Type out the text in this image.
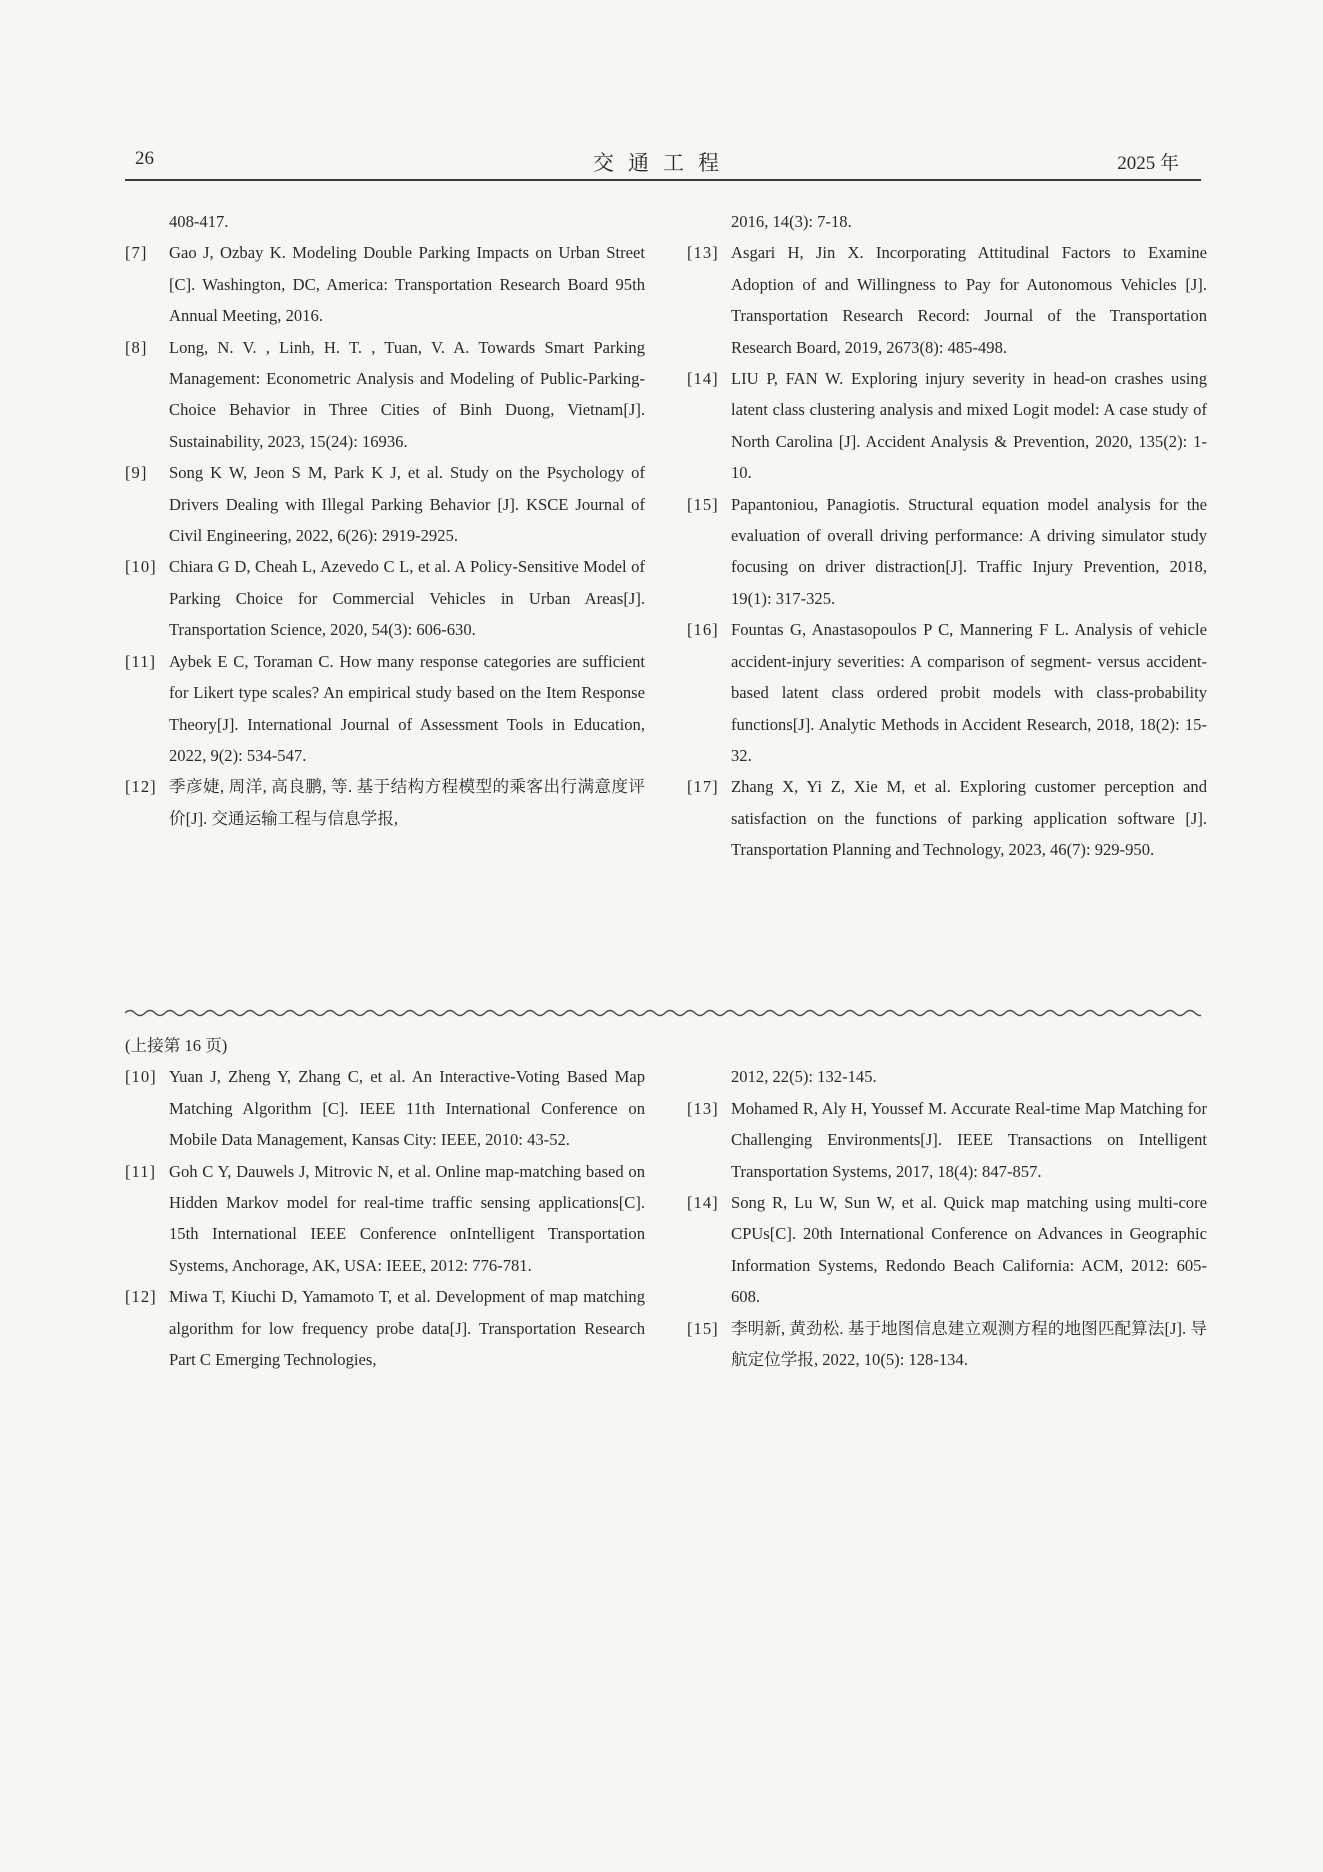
26	交通工程	2025 年
408-417.
[7] Gao J, Ozbay K. Modeling Double Parking Impacts on Urban Street [C]. Washington, DC, America: Transportation Research Board 95th Annual Meeting, 2016.
[8] Long, N. V. , Linh, H. T. , Tuan, V. A. Towards Smart Parking Management: Econometric Analysis and Modeling of Public-Parking-Choice Behavior in Three Cities of Binh Duong, Vietnam[J]. Sustainability, 2023, 15(24): 16936.
[9] Song K W, Jeon S M, Park K J, et al. Study on the Psychology of Drivers Dealing with Illegal Parking Behavior [J]. KSCE Journal of Civil Engineering, 2022, 6(26): 2919-2925.
[10] Chiara G D, Cheah L, Azevedo C L, et al. A Policy-Sensitive Model of Parking Choice for Commercial Vehicles in Urban Areas[J]. Transportation Science, 2020, 54(3): 606-630.
[11] Aybek E C, Toraman C. How many response categories are sufficient for Likert type scales? An empirical study based on the Item Response Theory[J]. International Journal of Assessment Tools in Education, 2022, 9(2): 534-547.
[12] 季彦婕, 周洋, 高良鹏, 等. 基于结构方程模型的乘客出行满意度评价[J]. 交通运输工程与信息学报,
2016, 14(3): 7-18.
[13] Asgari H, Jin X. Incorporating Attitudinal Factors to Examine Adoption of and Willingness to Pay for Autonomous Vehicles [J]. Transportation Research Record: Journal of the Transportation Research Board, 2019, 2673(8): 485-498.
[14] LIU P, FAN W. Exploring injury severity in head-on crashes using latent class clustering analysis and mixed Logit model: A case study of North Carolina [J]. Accident Analysis & Prevention, 2020, 135(2): 1-10.
[15] Papantoniou, Panagiotis. Structural equation model analysis for the evaluation of overall driving performance: A driving simulator study focusing on driver distraction[J]. Traffic Injury Prevention, 2018, 19(1): 317-325.
[16] Fountas G, Anastasopoulos P C, Mannering F L. Analysis of vehicle accident-injury severities: A comparison of segment- versus accident-based latent class ordered probit models with class-probability functions[J]. Analytic Methods in Accident Research, 2018, 18(2): 15-32.
[17] Zhang X, Yi Z, Xie M, et al. Exploring customer perception and satisfaction on the functions of parking application software [J]. Transportation Planning and Technology, 2023, 46(7): 929-950.
(上接第 16 页)
[10] Yuan J, Zheng Y, Zhang C, et al. An Interactive-Voting Based Map Matching Algorithm [C]. IEEE 11th International Conference on Mobile Data Management, Kansas City: IEEE, 2010: 43-52.
[11] Goh C Y, Dauwels J, Mitrovic N, et al. Online map-matching based on Hidden Markov model for real-time traffic sensing applications[C]. 15th International IEEE Conference onIntelligent Transportation Systems, Anchorage, AK, USA: IEEE, 2012: 776-781.
[12] Miwa T, Kiuchi D, Yamamoto T, et al. Development of map matching algorithm for low frequency probe data[J]. Transportation Research Part C Emerging Technologies,
2012, 22(5): 132-145.
[13] Mohamed R, Aly H, Youssef M. Accurate Real-time Map Matching for Challenging Environments[J]. IEEE Transactions on Intelligent Transportation Systems, 2017, 18(4): 847-857.
[14] Song R, Lu W, Sun W, et al. Quick map matching using multi-core CPUs[C]. 20th International Conference on Advances in Geographic Information Systems, Redondo Beach California: ACM, 2012: 605-608.
[15] 李明新, 黄劲松. 基于地图信息建立观测方程的地图匹配算法[J]. 导航定位学报, 2022, 10(5): 128-134.
